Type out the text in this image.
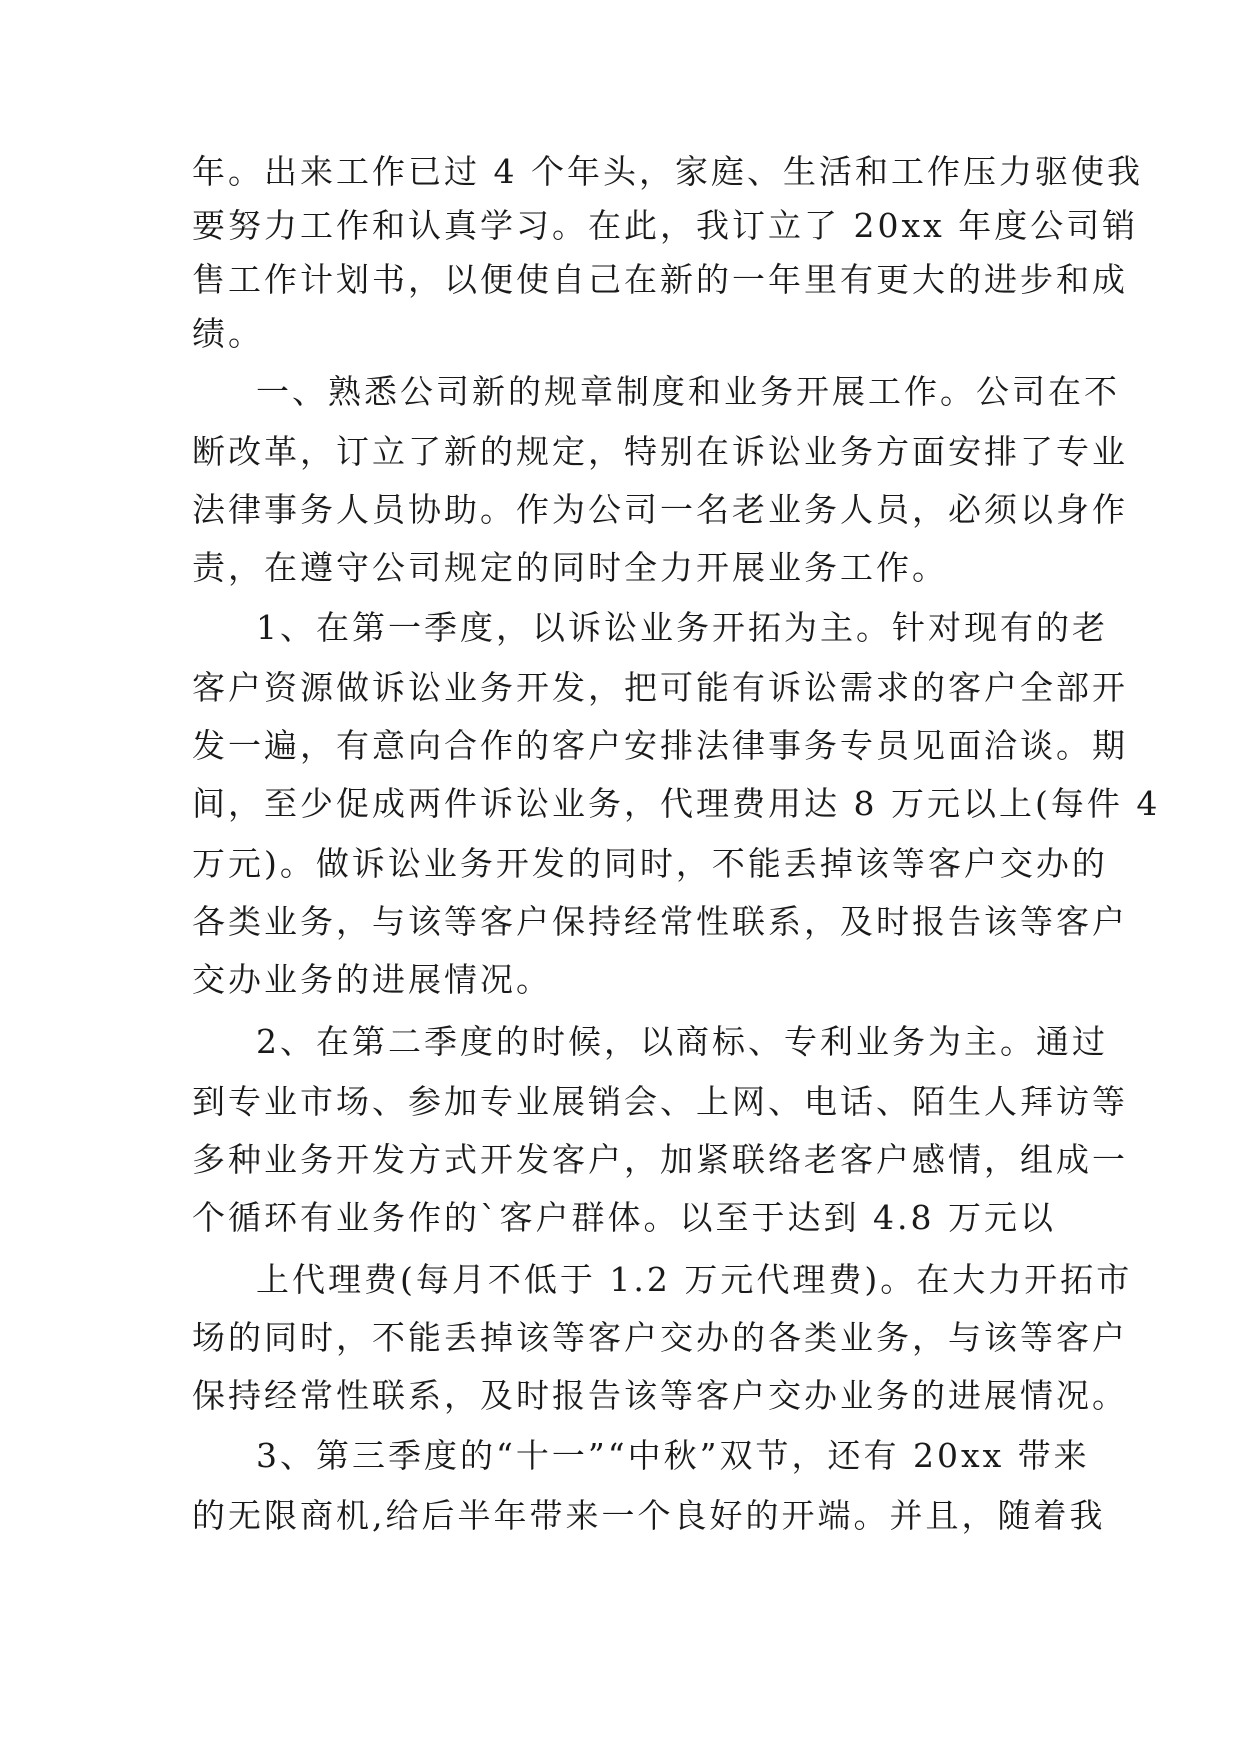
年。出来工作已过 4 个年头，家庭、生活和工作压力驱使我
要努力工作和认真学习。在此，我订立了 20xx 年度公司销
售工作计划书，以便使自己在新的一年里有更大的进步和成
绩。
一、熟悉公司新的规章制度和业务开展工作。公司在不
断改革，订立了新的规定，特别在诉讼业务方面安排了专业
法律事务人员协助。作为公司一名老业务人员，必须以身作
责，在遵守公司规定的同时全力开展业务工作。
1、在第一季度，以诉讼业务开拓为主。针对现有的老
客户资源做诉讼业务开发，把可能有诉讼需求的客户全部开
发一遍，有意向合作的客户安排法律事务专员见面洽谈。期
间，至少促成两件诉讼业务，代理费用达 8 万元以上(每件 4
万元)。做诉讼业务开发的同时，不能丢掉该等客户交办的
各类业务，与该等客户保持经常性联系，及时报告该等客户
交办业务的进展情况。
2、在第二季度的时候，以商标、专利业务为主。通过
到专业市场、参加专业展销会、上网、电话、陌生人拜访等
多种业务开发方式开发客户，加紧联络老客户感情，组成一
个循环有业务作的`客户群体。以至于达到 4.8 万元以
上代理费(每月不低于 1.2 万元代理费)。在大力开拓市
场的同时，不能丢掉该等客户交办的各类业务，与该等客户
保持经常性联系，及时报告该等客户交办业务的进展情况。
3、第三季度的“十一”“中秋”双节，还有 20xx 带来
的无限商机,给后半年带来一个良好的开端。并且，随着我
